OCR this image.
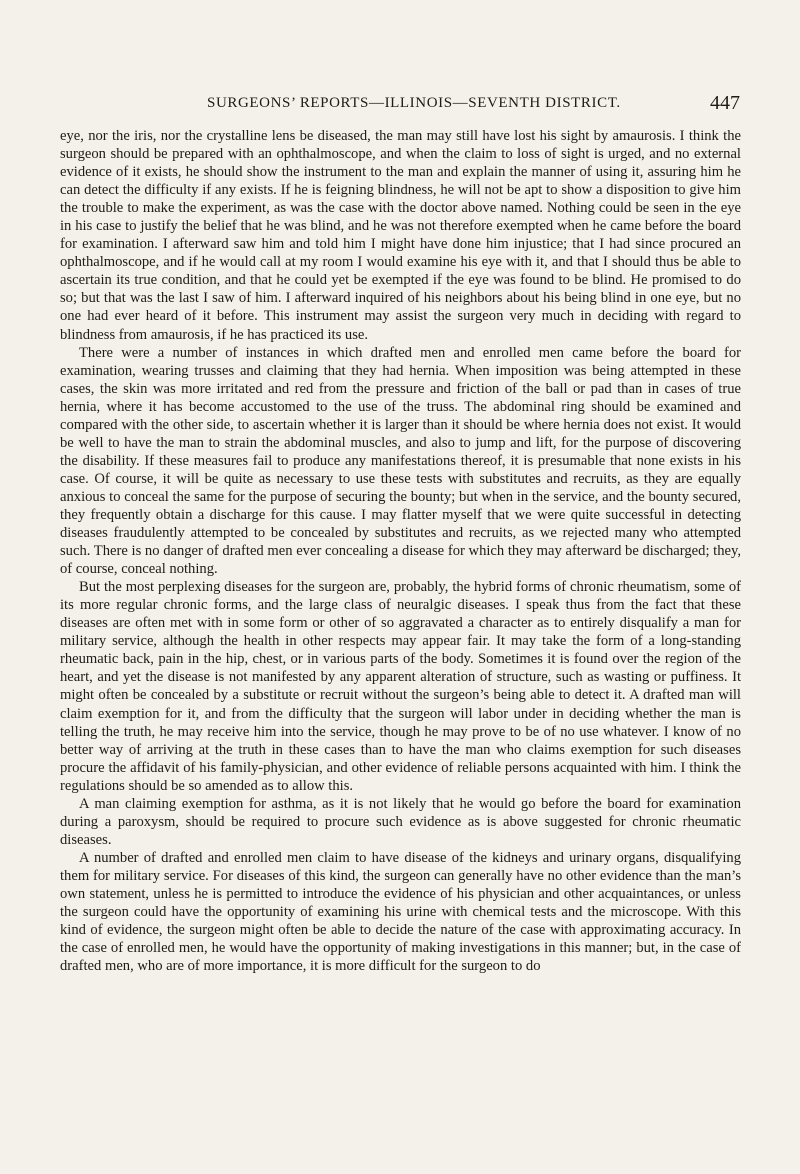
SURGEONS’ REPORTS—ILLINOIS—SEVENTH DISTRICT.	447

eye, nor the iris, nor the crystalline lens be diseased, the man may still have lost his sight by amaurosis. I think the surgeon should be prepared with an ophthalmoscope, and when the claim to loss of sight is urged, and no external evidence of it exists, he should show the instrument to the man and explain the manner of using it, assuring him he can detect the difficulty if any exists. If he is feigning blindness, he will not be apt to show a disposition to give him the trouble to make the experiment, as was the case with the doctor above named. Nothing could be seen in the eye in his case to justify the belief that he was blind, and he was not therefore exempted when he came before the board for examination. I afterward saw him and told him I might have done him injustice; that I had since procured an ophthalmoscope, and if he would call at my room I would examine his eye with it, and that I should thus be able to ascertain its true condition, and that he could yet be exempted if the eye was found to be blind. He promised to do so; but that was the last I saw of him. I afterward inquired of his neighbors about his being blind in one eye, but no one had ever heard of it before. This instrument may assist the surgeon very much in deciding with regard to blindness from amaurosis, if he has practiced its use.

There were a number of instances in which drafted men and enrolled men came before the board for examination, wearing trusses and claiming that they had hernia. When imposition was being attempted in these cases, the skin was more irritated and red from the pressure and friction of the ball or pad than in cases of true hernia, where it has become accustomed to the use of the truss. The abdominal ring should be examined and compared with the other side, to ascertain whether it is larger than it should be where hernia does not exist. It would be well to have the man to strain the abdominal muscles, and also to jump and lift, for the purpose of discovering the disability. If these measures fail to produce any manifestations thereof, it is presumable that none exists in his case. Of course, it will be quite as necessary to use these tests with substitutes and recruits, as they are equally anxious to conceal the same for the purpose of securing the bounty; but when in the service, and the bounty secured, they frequently obtain a discharge for this cause. I may flatter myself that we were quite successful in detecting diseases fraudulently attempted to be concealed by substitutes and recruits, as we rejected many who attempted such. There is no danger of drafted men ever concealing a disease for which they may afterward be discharged; they, of course, conceal nothing.

But the most perplexing diseases for the surgeon are, probably, the hybrid forms of chronic rheumatism, some of its more regular chronic forms, and the large class of neuralgic diseases. I speak thus from the fact that these diseases are often met with in some form or other of so aggravated a character as to entirely disqualify a man for military service, although the health in other respects may appear fair. It may take the form of a long-standing rheumatic back, pain in the hip, chest, or in various parts of the body. Sometimes it is found over the region of the heart, and yet the disease is not manifested by any apparent alteration of structure, such as wasting or puffiness. It might often be concealed by a substitute or recruit without the surgeon’s being able to detect it. A drafted man will claim exemption for it, and from the difficulty that the surgeon will labor under in deciding whether the man is telling the truth, he may receive him into the service, though he may prove to be of no use whatever. I know of no better way of arriving at the truth in these cases than to have the man who claims exemption for such diseases procure the affidavit of his family-physician, and other evidence of reliable persons acquainted with him. I think the regulations should be so amended as to allow this.

A man claiming exemption for asthma, as it is not likely that he would go before the board for examination during a paroxysm, should be required to procure such evidence as is above suggested for chronic rheumatic diseases.

A number of drafted and enrolled men claim to have disease of the kidneys and urinary organs, disqualifying them for military service. For diseases of this kind, the surgeon can generally have no other evidence than the man’s own statement, unless he is permitted to introduce the evidence of his physician and other acquaintances, or unless the surgeon could have the opportunity of examining his urine with chemical tests and the microscope. With this kind of evidence, the surgeon might often be able to decide the nature of the case with approximating accuracy. In the case of enrolled men, he would have the opportunity of making investigations in this manner; but, in the case of drafted men, who are of more importance, it is more difficult for the surgeon to do
